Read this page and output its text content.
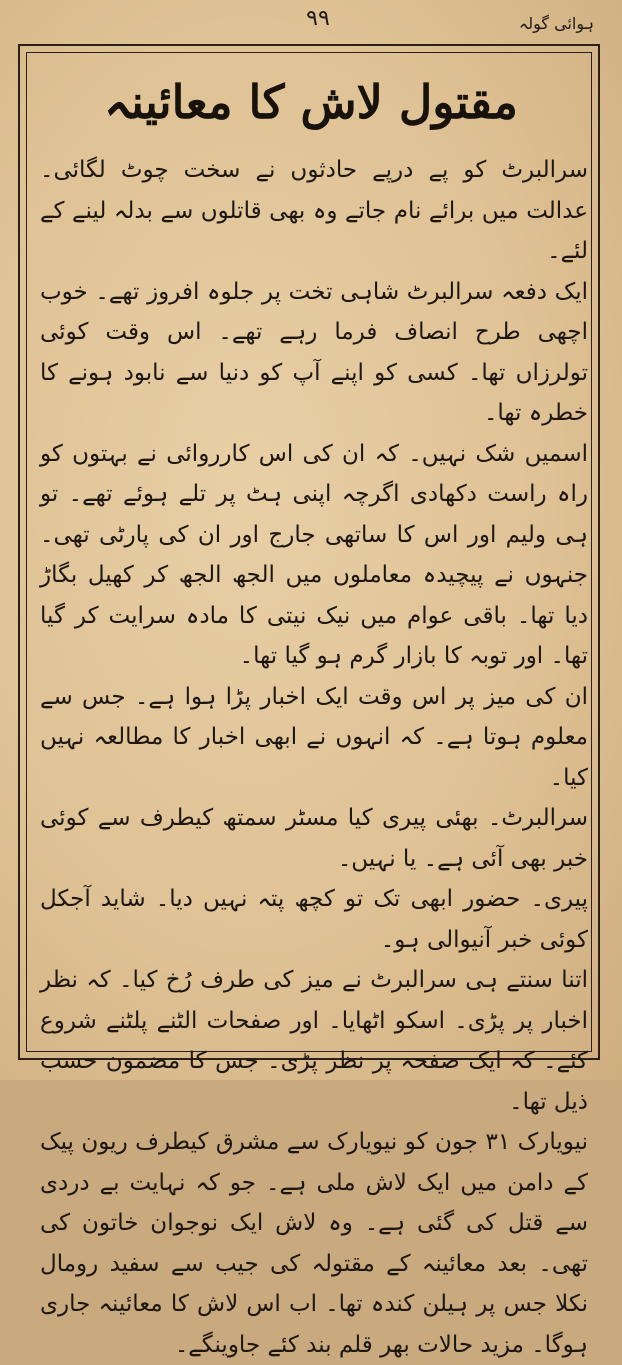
۹۹	ہوائی گولہ
مقتول لاش کا معائینہ

سرالبرٹ کو پے درپے حادثوں نے سخت چوٹ لگائی۔ عدالت میں برائے نام جاتے وہ بھی قاتلوں سے بدلہ لینے کے لئے۔

ایک دفعہ سرالبرٹ شاہی تخت پر جلوہ افروز تھے۔ خوب اچھی طرح انصاف فرما رہے تھے۔ اس وقت کوئی تولرزاں تھا۔ کسی کو اپنے آپ کو دنیا سے نابود ہونے کا خطرہ تھا۔

اسمیں شک نہیں۔ کہ ان کی اس کارروائی نے بہتوں کو راہ راست دکھادی اگرچہ اپنی ہٹ پر تلے ہوئے تھے۔ تو ہی ولیم اور اس کا ساتھی جارج اور ان کی پارٹی تھی۔ جنہوں نے پیچیدہ معاملوں میں الجھ الجھ کر کھیل بگاڑ دیا تھا۔ باقی عوام میں نیک نیتی کا مادہ سرایت کر گیا تھا۔ اور توبہ کا بازار گرم ہو گیا تھا۔

ان کی میز پر اس وقت ایک اخبار پڑا ہوا ہے۔ جس سے معلوم ہوتا ہے۔ کہ انہوں نے ابھی اخبار کا مطالعہ نہیں کیا۔

سرالبرٹ۔ بھئی پیری کیا مسٹر سمتھ کیطرف سے کوئی خبر بھی آئی ہے۔ یا نہیں۔

پیری۔ حضور ابھی تک تو کچھ پتہ نہیں دیا۔ شاید آجکل کوئی خبر آنیوالی ہو۔

اتنا سنتے ہی سرالبرٹ نے میز کی طرف رُخ کیا۔ کہ نظر اخبار پر پڑی۔ اسکو اٹھایا۔ اور صفحات الٹنے پلٹنے شروع کئے۔ کہ ایک صفحہ پر نظر پڑی۔ جس کا مضمون حسب ذیل تھا۔

نیویارک ۳۱ جون کو نیویارک سے مشرق کیطرف ریون پیک کے دامن میں ایک لاش ملی ہے۔ جو کہ نہایت بے دردی سے قتل کی گئی ہے۔ وہ لاش ایک نوجوان خاتون کی تھی۔ بعد معائینہ کے مقتولہ کی جیب سے سفید رومال نکلا جس پر ہیلن کندہ تھا۔ اب اس لاش کا معائینہ جاری ہوگا۔ مزید حالات بھر قلم بند کئے جاوینگے۔
